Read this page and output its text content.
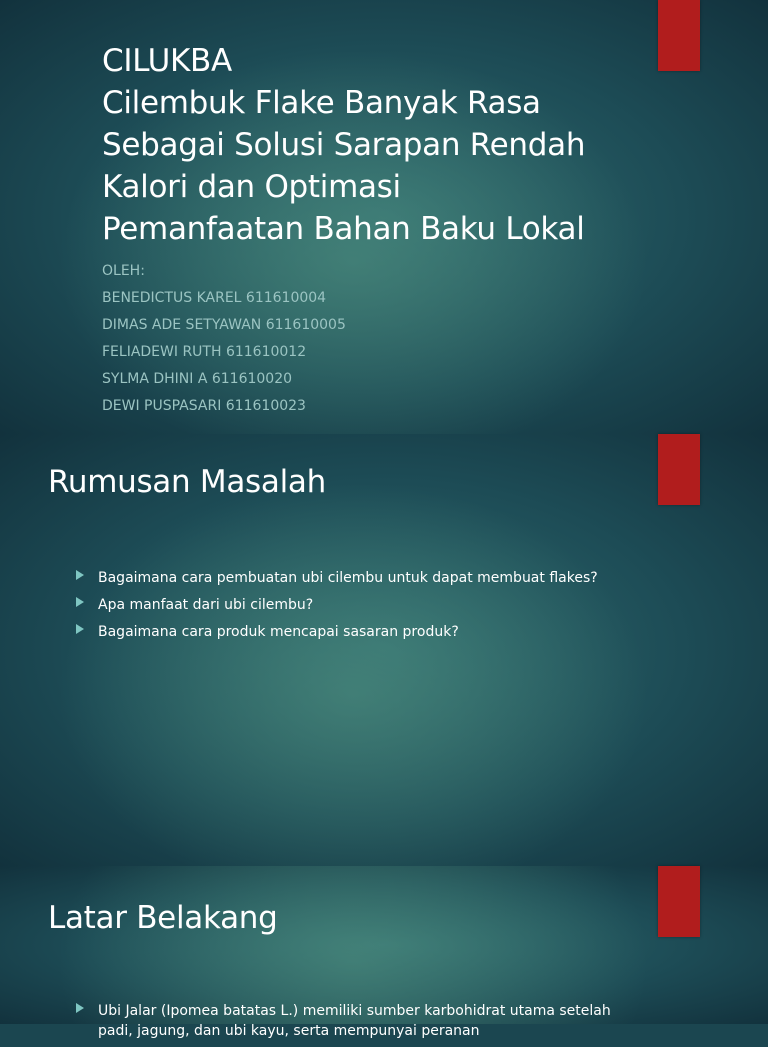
CILUKBA
Cilembuk Flake Banyak Rasa
Sebagai Solusi Sarapan Rendah
Kalori dan Optimasi
Pemanfaatan Bahan Baku Lokal
OLEH:
BENEDICTUS KAREL 611610004
DIMAS ADE SETYAWAN 611610005
FELIADEWI RUTH 611610012
SYLMA DHINI A 611610020
DEWI PUSPASARI 611610023
Rumusan Masalah
Bagaimana cara pembuatan ubi cilembu untuk dapat membuat flakes?
Apa manfaat dari ubi cilembu?
Bagaimana cara produk mencapai sasaran produk?
Latar Belakang
Ubi Jalar (Ipomea batatas L.) memiliki sumber karbohidrat utama setelah padi, jagung, dan ubi kayu, serta mempunyai peranan
